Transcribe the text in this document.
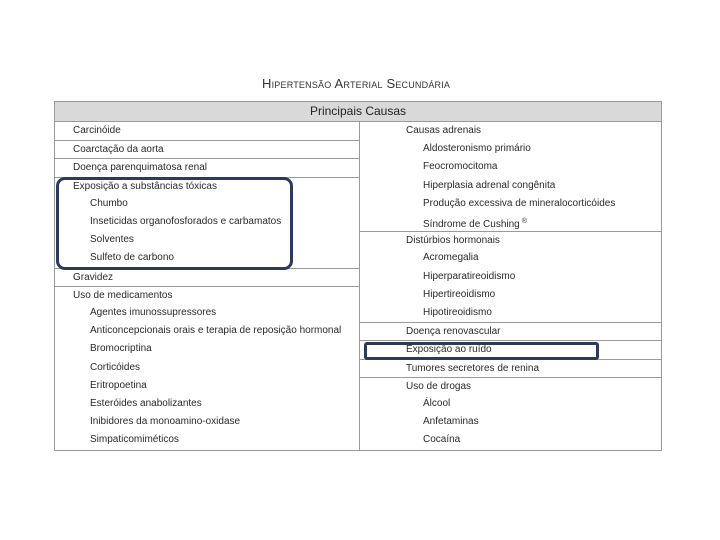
Hipertensão Arterial Secundária
Principais Causas
Carcinóide
Coarctação da aorta
Doença parenquimatosa renal
Exposição a substâncias tóxicas
Chumbo
Inseticidas organofosforados e carbamatos
Solventes
Sulfeto de carbono
Gravidez
Uso de medicamentos
Agentes imunossupressores
Anticoncepcionais orais e terapia de reposição hormonal
Bromocriptina
Corticóides
Eritropoetina
Esteróides anabolizantes
Inibidores da monoamino-oxidase
Simpaticomiméticos
Causas adrenais
Aldosteronismo primário
Feocromocitoma
Hiperplasia adrenal congênita
Produção excessiva de mineralocorticóides
Síndrome de Cushing ®
Distúrbios hormonais
Acromegalia
Hiperparatireoidismo
Hipertireoidismo
Hipotireoidismo
Doença renovascular
Exposição ao ruído
Tumores secretores de renina
Uso de drogas
Álcool
Anfetaminas
Cocaína
